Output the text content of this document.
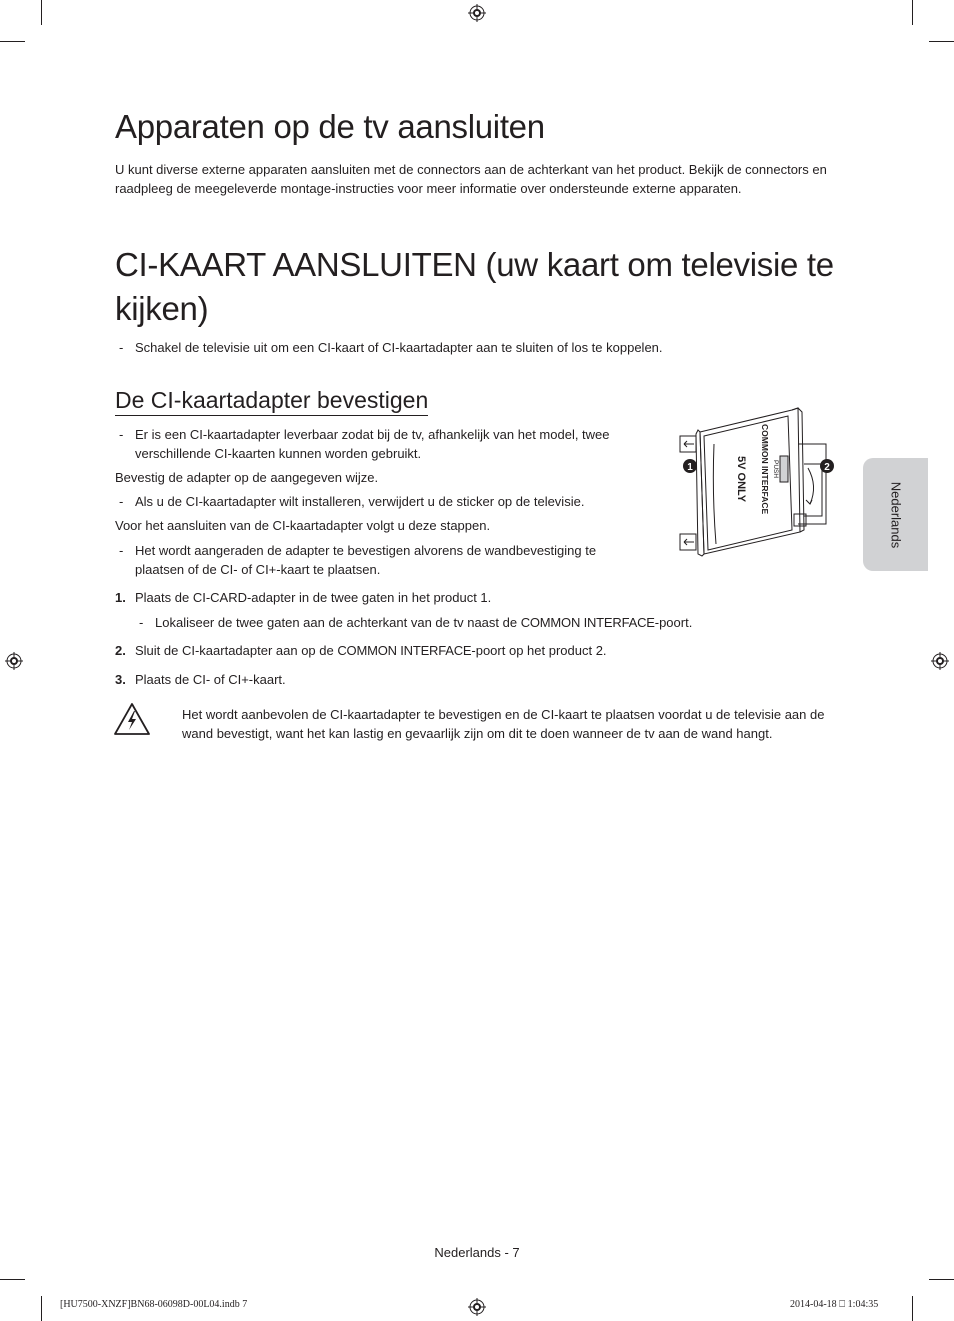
Apparaten op de tv aansluiten

U kunt diverse externe apparaten aansluiten met de connectors aan de achterkant van het product. Bekijk de connectors en raadpleeg de meegeleverde montage-instructies voor meer informatie over ondersteunde externe apparaten.

CI-KAART AANSLUITEN (uw kaart om televisie te kijken)
- Schakel de televisie uit om een CI-kaart of CI-kaartadapter aan te sluiten of los te koppelen.
De CI-kaartadapter bevestigen
- Er is een CI-kaartadapter leverbaar zodat bij de tv, afhankelijk van het model, twee verschillende CI-kaarten kunnen worden gebruikt.
Bevestig de adapter op de aangegeven wijze.
- Als u de CI-kaartadapter wilt installeren, verwijdert u de sticker op de televisie.
Voor het aansluiten van de CI-kaartadapter volgt u deze stappen.
- Het wordt aangeraden de adapter te bevestigen alvorens de wandbevestiging te plaatsen of de CI- of CI+-kaart te plaatsen.
1. Plaats de CI-CARD-adapter in de twee gaten in het product 1.
- Lokaliseer de twee gaten aan de achterkant van de tv naast de COMMON INTERFACE-poort.
2. Sluit de CI-kaartadapter aan op de COMMON INTERFACE-poort op het product 2.
3. Plaats de CI- of CI+-kaart.
Het wordt aanbevolen de CI-kaartadapter te bevestigen en de CI-kaart te plaatsen voordat u de televisie aan de wand bevestigt, want het kan lastig en gevaarlijk zijn om dit te doen wanneer de tv aan de wand hangt.
1	2
COMMON INTERFACE
5V ONLY	PUSH
Nederlands
Nederlands - 7
[HU7500-XNZF]BN68-06098D-00L04.indb 7	2014-04-18 ⎕ 1:04:35
